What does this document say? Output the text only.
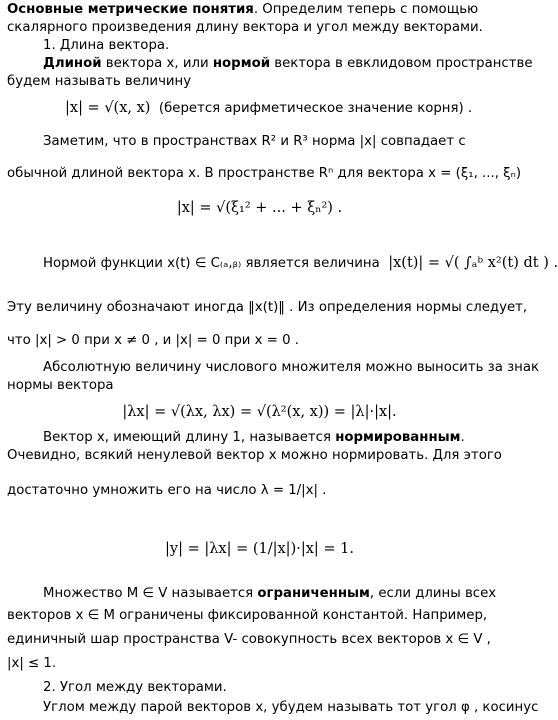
Основные метрические понятия. Определим теперь с помощью
скалярного произведения длину вектора и угол между векторами.
1. Длина вектора.
Длиной вектора x, или нормой вектора в евклидовом пространстве
будем называть величину
|x| = √(x, x) (берется арифметическое значение корня) .
Заметим, что в пространствах R² и R³ норма |x| совпадает с
обычной длиной вектора x. В пространстве Rⁿ для вектора x = (ξ₁, ..., ξₙ)
|x| = √(ξ₁² + ... + ξₙ²) .
Нормой функции x(t) ∈ C₍ₐ,ᵦ₎ является величина |x(t)| = √( ∫ₐᵇ x²(t) dt ) .
Эту величину обозначают иногда ‖x(t)‖ . Из определения нормы следует,
что |x| > 0 при x ≠ 0 , и |x| = 0 при x = 0 .
Абсолютную величину числового множителя можно выносить за знак
нормы вектора
|λx| = √(λx, λx) = √(λ²(x, x)) = |λ|·|x|.
Вектор x, имеющий длину 1, называется нормированным.
Очевидно, всякий ненулевой вектор x можно нормировать. Для этого
достаточно умножить его на число λ = 1/|x| .
|y| = |λx| = (1/|x|)·|x| = 1.
Множество M ∈ V называется ограниченным, если длины всех
векторов x ∈ M ограничены фиксированной константой. Например,
единичный шар пространства V- совокупность всех векторов x ∈ V ,
|x| ≤ 1.
2. Угол между векторами.
Углом между парой векторов x, yбудем называть тот угол φ , косинус
